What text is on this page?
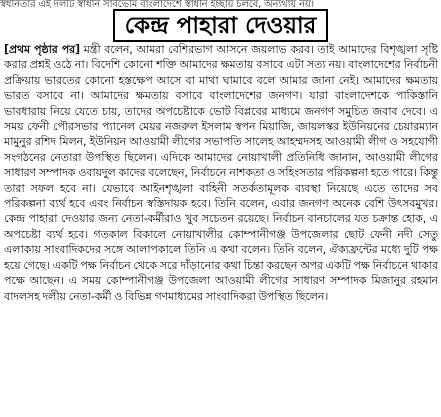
স্বধীনতার এই দলটি স্বাধীন সার্বভৌম বাংলাদেশে স্বাধীন ইচ্ছায় চলবে, অন্যথায় নয়।
কেন্দ্র পাহারা দেওয়ার
[প্রথম পৃষ্ঠার পর] মন্ত্রী বলেন, আমরা বেশিরভাগ আসনে জয়লাভ করব। তাই আমাদের বিশৃঙ্খলা সৃষ্টি করার প্রশ্নই ওঠে না। বিদেশি কোনো শক্তি আমাদের ক্ষমতায় বসাবে এটা সত্য নয়। বাংলাদেশের নির্বাচনী প্রক্রিয়ায় ভারতের কোনো হস্তক্ষেপ আসে বা মাথা ঘামাবে বলে আমার জানা নেই। আমাদের ক্ষমতায় ভারত বসাবে না। আমাদের ক্ষমতায় বসাবে বাংলাদেশের জনগণ। যারা বাংলাদেশকে পাকিস্তানি ভাবধারায় নিয়ে যেতে চায়, তাদের অপচেষ্টাকে ভোট বিপ্লবের মাধ্যমে জনগণ সমুচিত জবাব দেবে। এ সময় ফেনী পৌরসভার প্যানেল মেয়র নজরুল ইসলাম স্বপন মিয়াজি, জায়লস্কর ইউনিয়নের চেয়ারম্যান মামুনুর রশিদ মিলন, ইউনিয়ন আওয়ামী লীগের সভাপতি সালেহ আহম্মদসহ আওয়ামী লীগ ও সহযোগী সংগঠনের নেতারা উপস্থিত ছিলেন। এদিকে আমাদের নোয়াখালী প্রতিনিধি জানান, আওয়ামী লীগের সাধারণ সম্পাদক ওবায়দুল কাদের বলেছেন, নির্বাচনে নাশকতা ও সহিংসতার পরিকল্পনা হতে পারে। কিন্তু তারা সফল হবে না। যেভাবে আইনশৃঙ্খলা বাহিনী সতর্কতামূলক ব্যবস্থা নিয়েছে এতে তাদের সব পরিকল্পনা ব্যর্থ হবে এবং নির্বাচন স্বস্তিদায়ক হবে। তিনি বলেন, এবার জনগণ অনেক বেশি উৎসবমুখর। কেন্দ্র পাহারা দেওয়ার জন্য নেতা-কর্মীরাও খুব সচেতন রয়েছে। নির্বাচন বানচালের যত চক্রান্ত হোক, এ অপচেষ্টা ব্যর্থ হবে। গতকাল বিকালে নোয়াখালীর কোম্পানীগঞ্জ উপজেলার ছোট ফেনী নদী সেতু এলাকায় সাংবাদিকদের সঙ্গে আলাপকালে তিনি এ কথা বলেন। তিনি বলেন, ঐক্যফ্রন্টের মধ্যে দুটি পক্ষ হয়ে গেছে। একটি পক্ষ নির্বাচন থেকে সরে দাঁড়ানোর কথা চিন্তা করছেন অপর একটি পক্ষ নির্বাচনে থাকার পক্ষে আছেন। এ সময় কোম্পানীগঞ্জ উপজেলা আওয়ামী লীগের সাধারণ সম্পাদক মিজানুর রহমান বাদলসহ দলীয় নেতা-কর্মী ও বিভিন্ন গণমাধ্যমের সাংবাদিকরা উপস্থিত ছিলেন।
